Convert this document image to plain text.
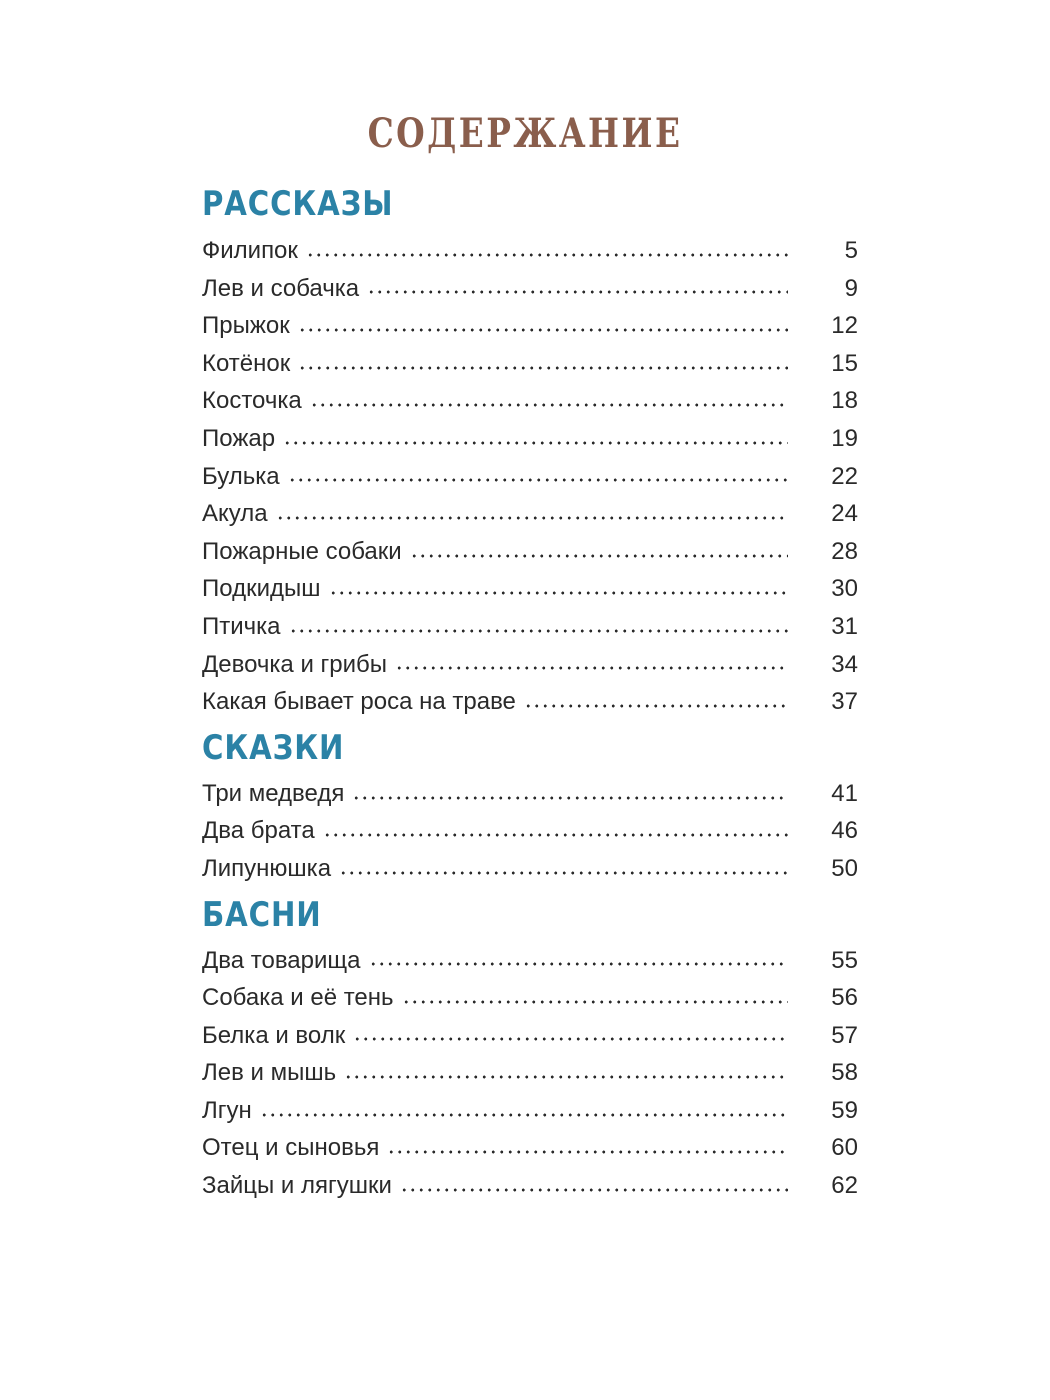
СОДЕРЖАНИЕ
РАССКАЗЫ
Филипок	5
Лев и собачка	9
Прыжок	12
Котёнок	15
Косточка	18
Пожар	19
Булька	22
Акула	24
Пожарные собаки	28
Подкидыш	30
Птичка	31
Девочка и грибы	34
Какая бывает роса на траве	37
СКАЗКИ
Три медведя	41
Два брата	46
Липунюшка	50
БАСНИ
Два товарища	55
Собака и её тень	56
Белка и волк	57
Лев и мышь	58
Лгун	59
Отец и сыновья	60
Зайцы и лягушки	62
